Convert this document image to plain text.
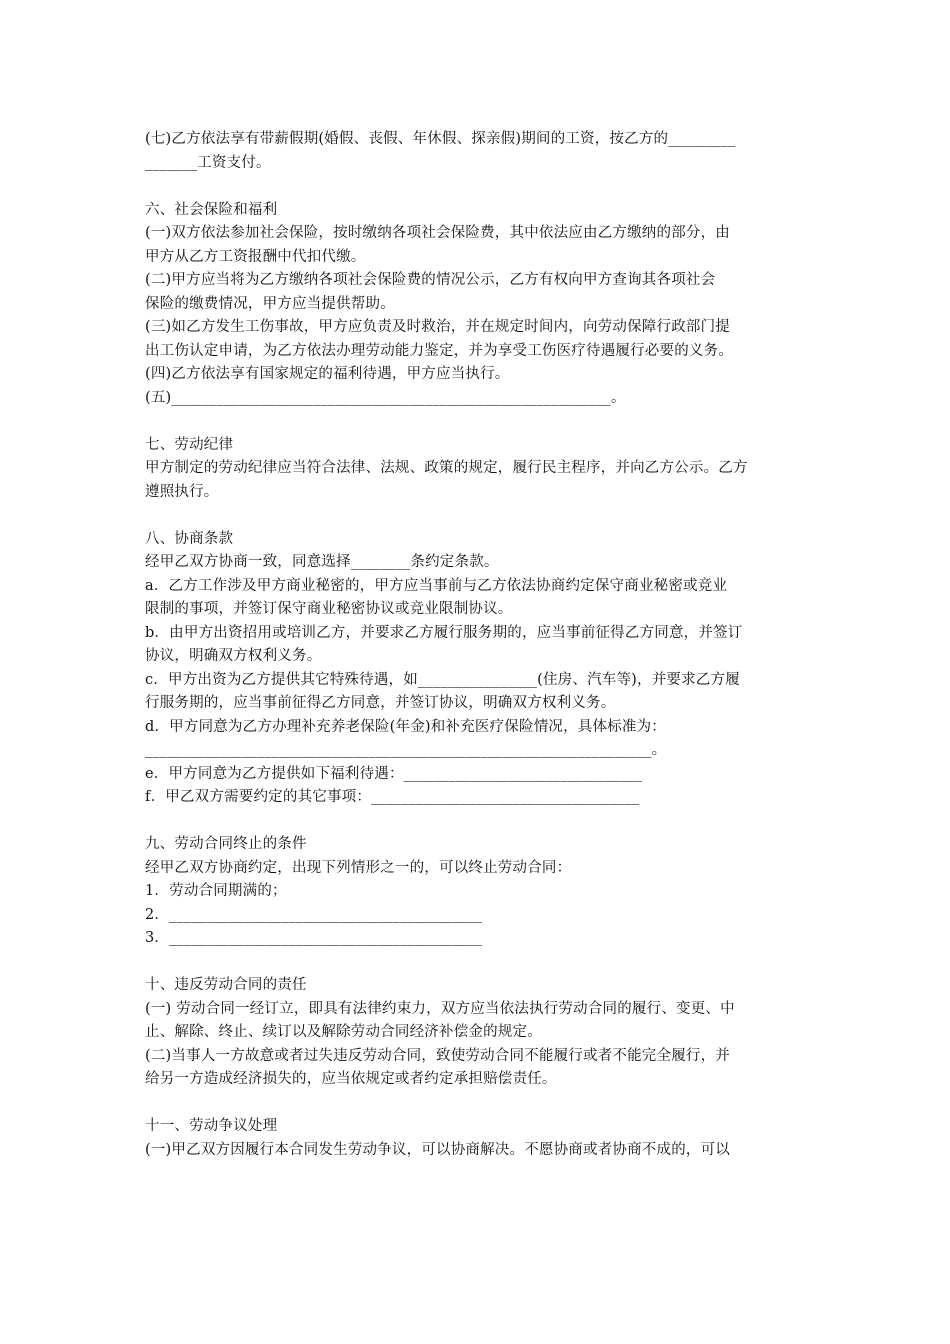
(七)乙方依法享有带薪假期(婚假、丧假、年休假、探亲假)期间的工资，按乙方的_________
_______工资支付。
六、社会保险和福利
(一)双方依法参加社会保险，按时缴纳各项社会保险费，其中依法应由乙方缴纳的部分，由
甲方从乙方工资报酬中代扣代缴。
(二)甲方应当将为乙方缴纳各项社会保险费的情况公示，乙方有权向甲方查询其各项社会
保险的缴费情况，甲方应当提供帮助。
(三)如乙方发生工伤事故，甲方应负责及时救治，并在规定时间内，向劳动保障行政部门提
出工伤认定申请，为乙方依法办理劳动能力鉴定，并为享受工伤医疗待遇履行必要的义务。
(四)乙方依法享有国家规定的福利待遇，甲方应当执行。
(五)___________________________________________________________。
七、劳动纪律
甲方制定的劳动纪律应当符合法律、法规、政策的规定，履行民主程序，并向乙方公示。乙方
遵照执行。
八、协商条款
经甲乙双方协商一致，同意选择________条约定条款。
a．乙方工作涉及甲方商业秘密的，甲方应当事前与乙方依法协商约定保守商业秘密或竞业
限制的事项，并签订保守商业秘密协议或竞业限制协议。
b．由甲方出资招用或培训乙方，并要求乙方履行服务期的，应当事前征得乙方同意，并签订
协议，明确双方权利义务。
c．甲方出资为乙方提供其它特殊待遇，如________________(住房、汽车等)，并要求乙方履
行服务期的，应当事前征得乙方同意，并签订协议，明确双方权利义务。
d．甲方同意为乙方办理补充养老保险(年金)和补充医疗保险情况，具体标准为：
____________________________________________________________________。
e．甲方同意为乙方提供如下福利待遇：________________________________
f．甲乙双方需要约定的其它事项：____________________________________
九、劳动合同终止的条件
经甲乙双方协商约定，出现下列情形之一的，可以终止劳动合同：
1．劳动合同期满的；
2．__________________________________________
3．__________________________________________
十、违反劳动合同的责任
(一) 劳动合同一经订立，即具有法律约束力，双方应当依法执行劳动合同的履行、变更、中
止、解除、终止、续订以及解除劳动合同经济补偿金的规定。
(二)当事人一方故意或者过失违反劳动合同，致使劳动合同不能履行或者不能完全履行，并
给另一方造成经济损失的，应当依规定或者约定承担赔偿责任。
十一、劳动争议处理
(一)甲乙双方因履行本合同发生劳动争议，可以协商解决。不愿协商或者协商不成的，可以
